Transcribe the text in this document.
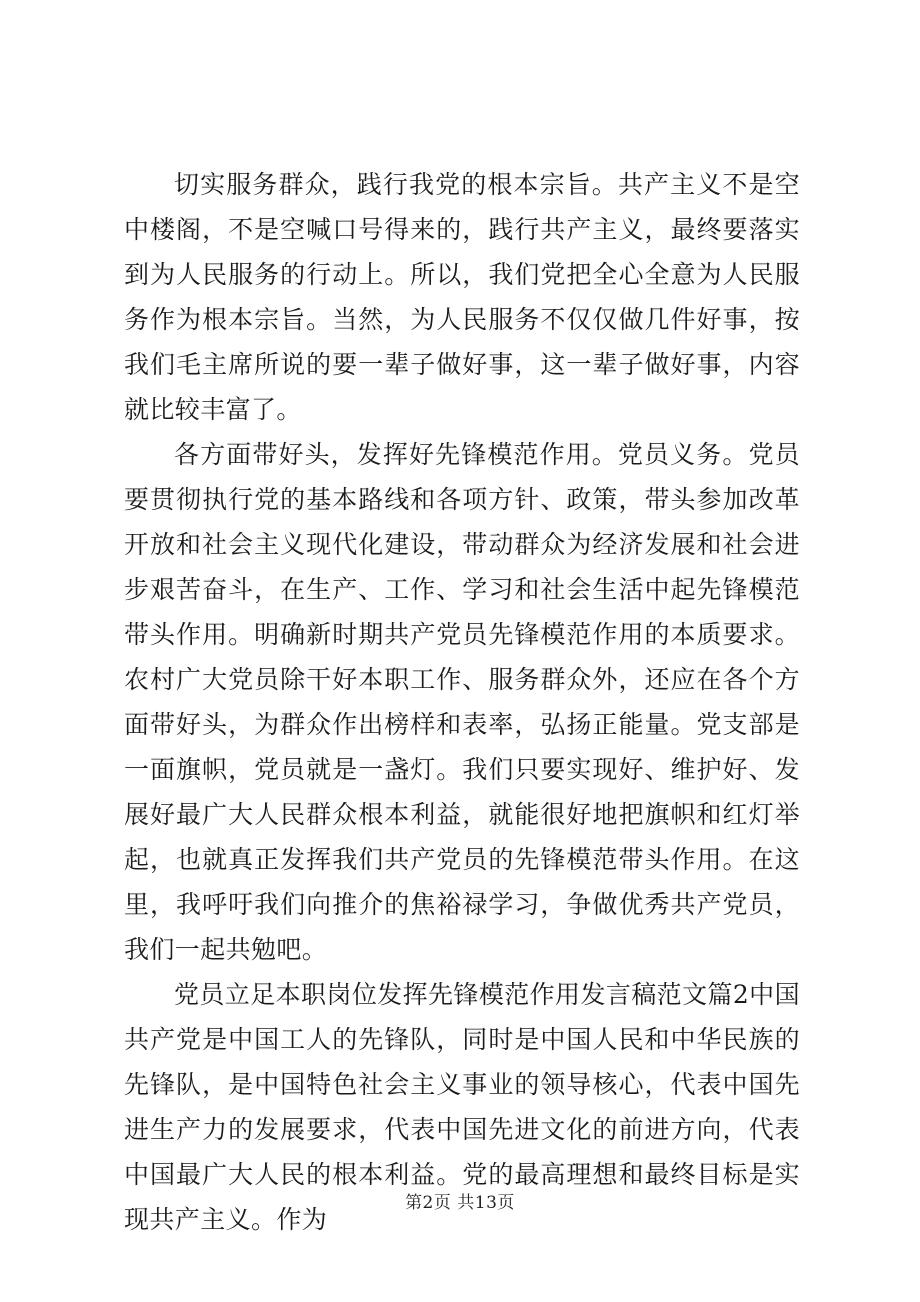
切实服务群众，践行我党的根本宗旨。共产主义不是空中楼阁，不是空喊口号得来的，践行共产主义，最终要落实到为人民服务的行动上。所以，我们党把全心全意为人民服务作为根本宗旨。当然，为人民服务不仅仅做几件好事，按我们毛主席所说的要一辈子做好事，这一辈子做好事，内容就比较丰富了。

各方面带好头，发挥好先锋模范作用。党员义务。党员要贯彻执行党的基本路线和各项方针、政策，带头参加改革开放和社会主义现代化建设，带动群众为经济发展和社会进步艰苦奋斗，在生产、工作、学习和社会生活中起先锋模范带头作用。明确新时期共产党员先锋模范作用的本质要求。农村广大党员除干好本职工作、服务群众外，还应在各个方面带好头，为群众作出榜样和表率，弘扬正能量。党支部是一面旗帜，党员就是一盏灯。我们只要实现好、维护好、发展好最广大人民群众根本利益，就能很好地把旗帜和红灯举起，也就真正发挥我们共产党员的先锋模范带头作用。在这里，我呼吁我们向推介的焦裕禄学习，争做优秀共产党员，我们一起共勉吧。

党员立足本职岗位发挥先锋模范作用发言稿范文篇2中国共产党是中国工人的先锋队，同时是中国人民和中华民族的先锋队，是中国特色社会主义事业的领导核心，代表中国先进生产力的发展要求，代表中国先进文化的前进方向，代表中国最广大人民的根本利益。党的最高理想和最终目标是实现共产主义。作为

第2页 共13页
